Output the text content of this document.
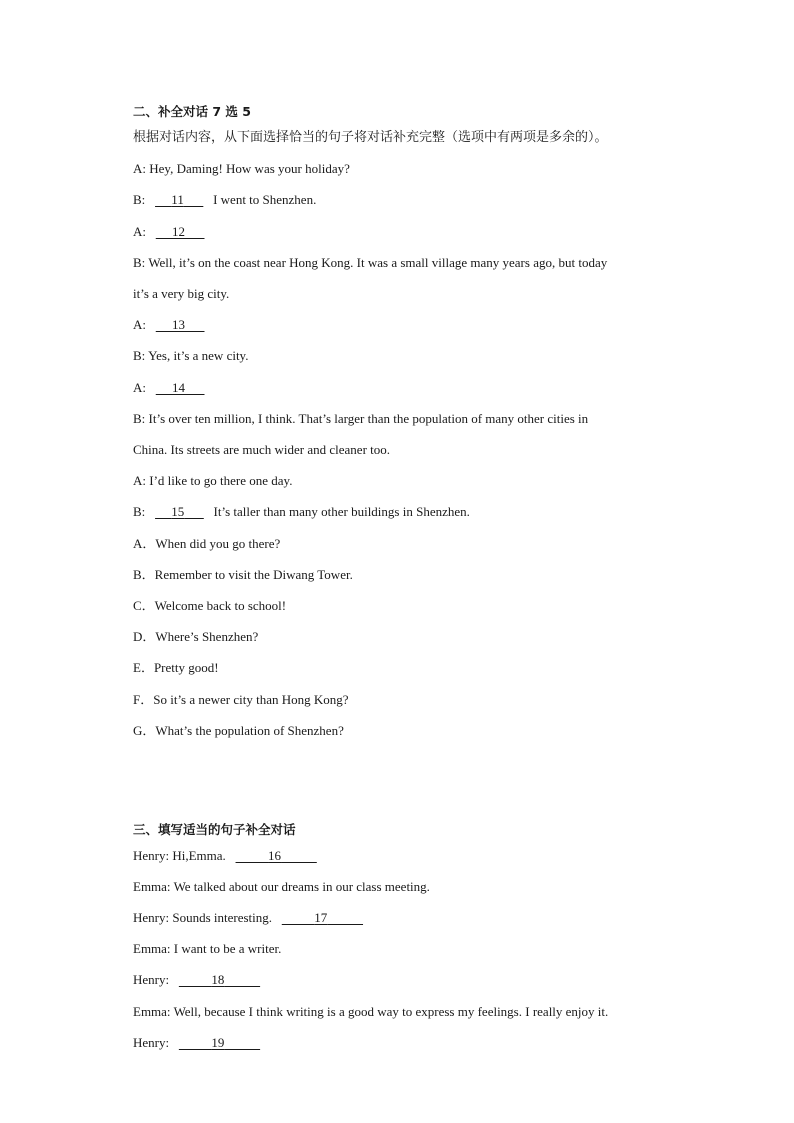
二、补全对话 7 选 5
根据对话内容，从下面选择恰当的句子将对话补充完整（选项中有两项是多余的）。
A: Hey, Daming! How was your holiday?
B: 11 I went to Shenzhen.
A: 12
B: Well, it’s on the coast near Hong Kong. It was a small village many years ago, but today
it’s a very big city.
A: 13
B: Yes, it’s a new city.
A: 14
B: It’s over ten million, I think. That’s larger than the population of many other cities in
China. Its streets are much wider and cleaner too.
A: I’d like to go there one day.
B: 15 It’s taller than many other buildings in Shenzhen.
A．When did you go there?
B．Remember to visit the Diwang Tower.
C．Welcome back to school!
D．Where’s Shenzhen?
E．Pretty good!
F．So it’s a newer city than Hong Kong?
G．What’s the population of Shenzhen?
三、填写适当的句子补全对话
Henry: Hi,Emma.	16
Emma: We talked about our dreams in our class meeting.
Henry: Sounds interesting.	17
Emma: I want to be a writer.
Henry:	18
Emma: Well, because I think writing is a good way to express my feelings. I really enjoy it.
Henry:	19
